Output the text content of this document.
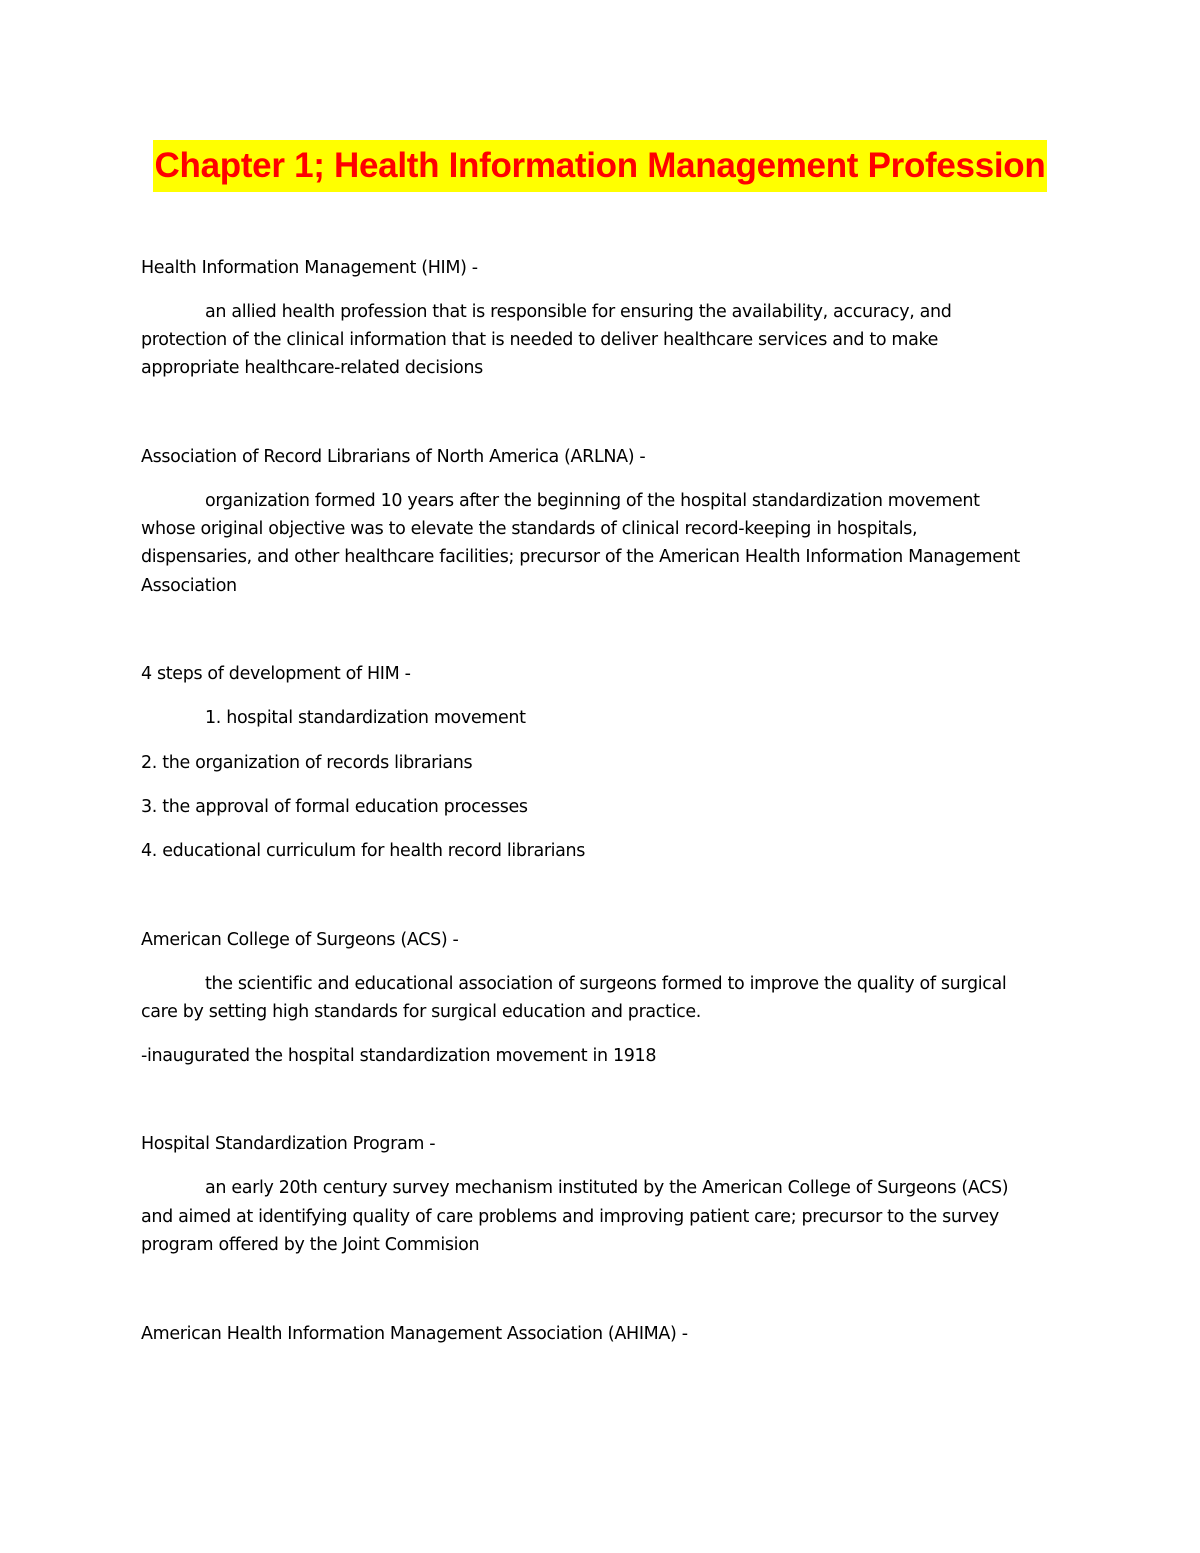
Chapter 1; Health Information Management Profession
Health Information Management (HIM) -
an allied health profession that is responsible for ensuring the availability, accuracy, and
protection of the clinical information that is needed to deliver healthcare services and to make
appropriate healthcare-related decisions
Association of Record Librarians of North America (ARLNA) -
organization formed 10 years after the beginning of the hospital standardization movement
whose original objective was to elevate the standards of clinical record-keeping in hospitals,
dispensaries, and other healthcare facilities; precursor of the American Health Information Management
Association
4 steps of development of HIM -
1. hospital standardization movement
2. the organization of records librarians
3. the approval of formal education processes
4. educational curriculum for health record librarians
American College of Surgeons (ACS) -
the scientific and educational association of surgeons formed to improve the quality of surgical
care by setting high standards for surgical education and practice.
-inaugurated the hospital standardization movement in 1918
Hospital Standardization Program -
an early 20th century survey mechanism instituted by the American College of Surgeons (ACS)
and aimed at identifying quality of care problems and improving patient care; precursor to the survey
program offered by the Joint Commision
American Health Information Management Association (AHIMA) -
